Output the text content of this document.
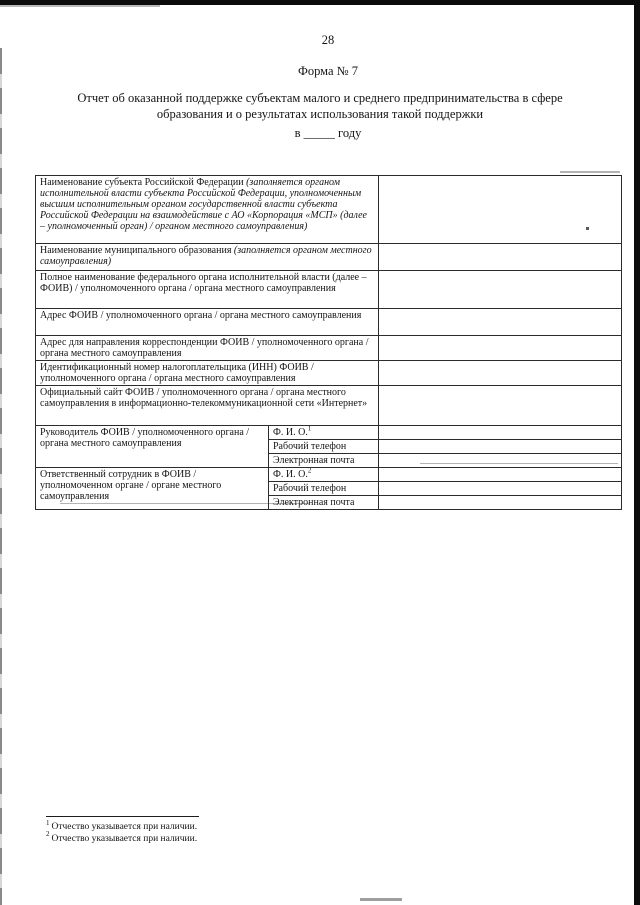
28
Форма № 7
Отчет об оказанной поддержке субъектам малого и среднего предпринимательства в сфере
образования и о результатах использования такой поддержки
в _____ году
Наименование субъекта Российской Федерации (заполняется органом исполнительной власти субъекта Российской Федерации, уполномоченным высшим исполнительным органом государственной власти субъекта Российской Федерации на взаимодействие с АО «Корпорация «МСП» (далее – уполномоченный орган) / органом местного самоуправления)		
Наименование муниципального образования (заполняется органом местного самоуправления)		
Полное наименование федерального органа исполнительной власти (далее – ФОИВ) / уполномоченного органа / органа местного самоуправления		
Адрес ФОИВ / уполномоченного органа / органа местного самоуправления		
Адрес для направления корреспонденции ФОИВ / уполномоченного органа / органа местного самоуправления		
Идентификационный номер налогоплательщика (ИНН) ФОИВ / уполномоченного органа / органа местного самоуправления		
Официальный сайт ФОИВ / уполномоченного органа / органа местного самоуправления в информационно-телекоммуникационной сети «Интернет»		
Руководитель ФОИВ / уполномоченного органа / органа местного самоуправления	Ф. И. О.$^1$	
	Рабочий телефон	
	Электронная почта	
Ответственный сотрудник в ФОИВ / уполномоченном органе / органе местного самоуправления	Ф. И. О.$^2$	
	Рабочий телефон	
	Электронная почта	
$^1$ Отчество указывается при наличии.
$^2$ Отчество указывается при наличии.
